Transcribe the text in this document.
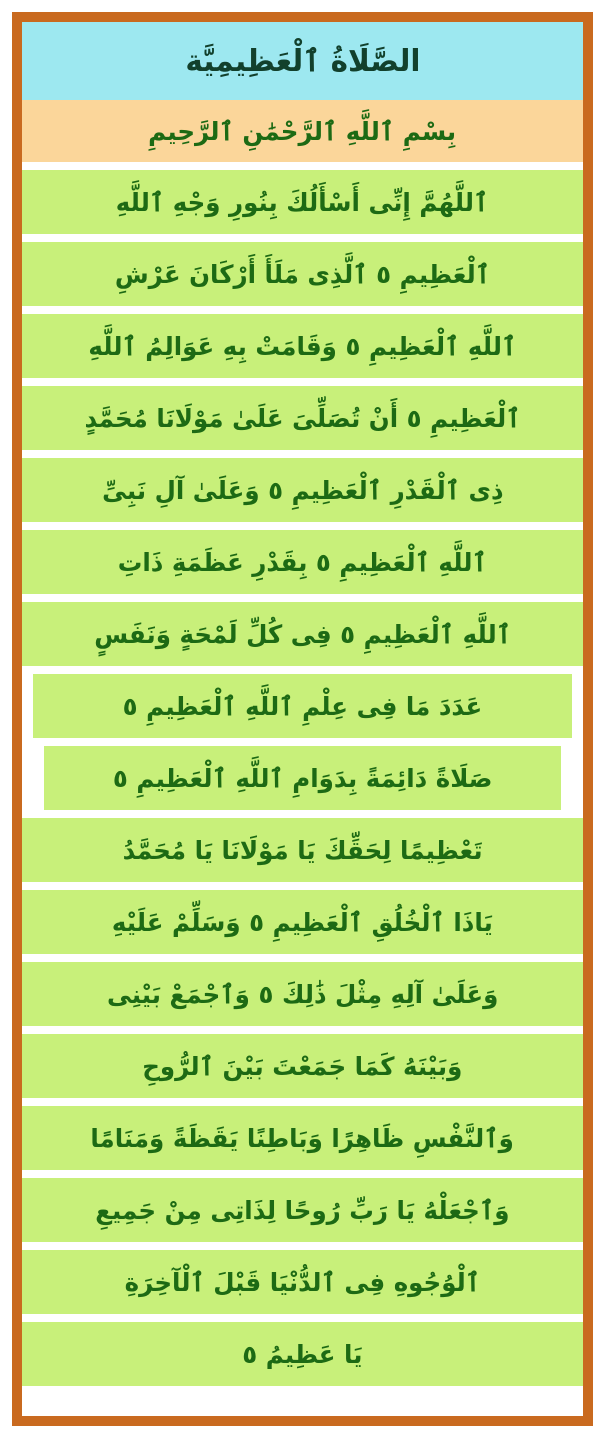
الصَّلَاةُ ٱلْعَظِيمِيَّة
بِسْمِ ٱللَّهِ ٱلرَّحْمَٰنِ ٱلرَّحِيمِ
ٱللَّهُمَّ إِنِّى أَسْأَلُكَ بِنُورِ وَجْهِ ٱللَّهِ
ٱلْعَظِيمِ ٥ ٱلَّذِى مَلَأَ أَرْكَانَ عَرْشِ
ٱللَّهِ ٱلْعَظِيمِ ٥ وَقَامَتْ بِهِ عَوَالِمُ ٱللَّهِ
ٱلْعَظِيمِ ٥ أَنْ تُصَلِّىَ عَلَىٰ مَوْلَانَا مُحَمَّدٍ
ذِى ٱلْقَدْرِ ٱلْعَظِيمِ ٥ وَعَلَىٰ آلِ نَبِىِّ
ٱللَّهِ ٱلْعَظِيمِ ٥ بِقَدْرِ عَظَمَةِ ذَاتِ
ٱللَّهِ ٱلْعَظِيمِ ٥ فِى كُلِّ لَمْحَةٍ وَنَفَسٍ
عَدَدَ مَا فِى عِلْمِ ٱللَّهِ ٱلْعَظِيمِ ٥
صَلَاةً دَائِمَةً بِدَوَامِ ٱللَّهِ ٱلْعَظِيمِ ٥
تَعْظِيمًا لِحَقِّكَ يَا مَوْلَانَا يَا مُحَمَّدُ
يَاذَا ٱلْخُلُقِ ٱلْعَظِيمِ ٥ وَسَلِّمْ عَلَيْهِ
وَعَلَىٰ آلِهِ مِثْلَ ذَٰلِكَ ٥ وَٱجْمَعْ بَيْنِى
وَبَيْنَهُ كَمَا جَمَعْتَ بَيْنَ ٱلرُّوحِ
وَٱلنَّفْسِ ظَاهِرًا وَبَاطِنًا يَقَظَةً وَمَنَامًا
وَٱجْعَلْهُ يَا رَبِّ رُوحًا لِذَاتِى مِنْ جَمِيعِ
ٱلْوُجُوهِ فِى ٱلدُّنْيَا قَبْلَ ٱلْآخِرَةِ
يَا عَظِيمُ ٥
